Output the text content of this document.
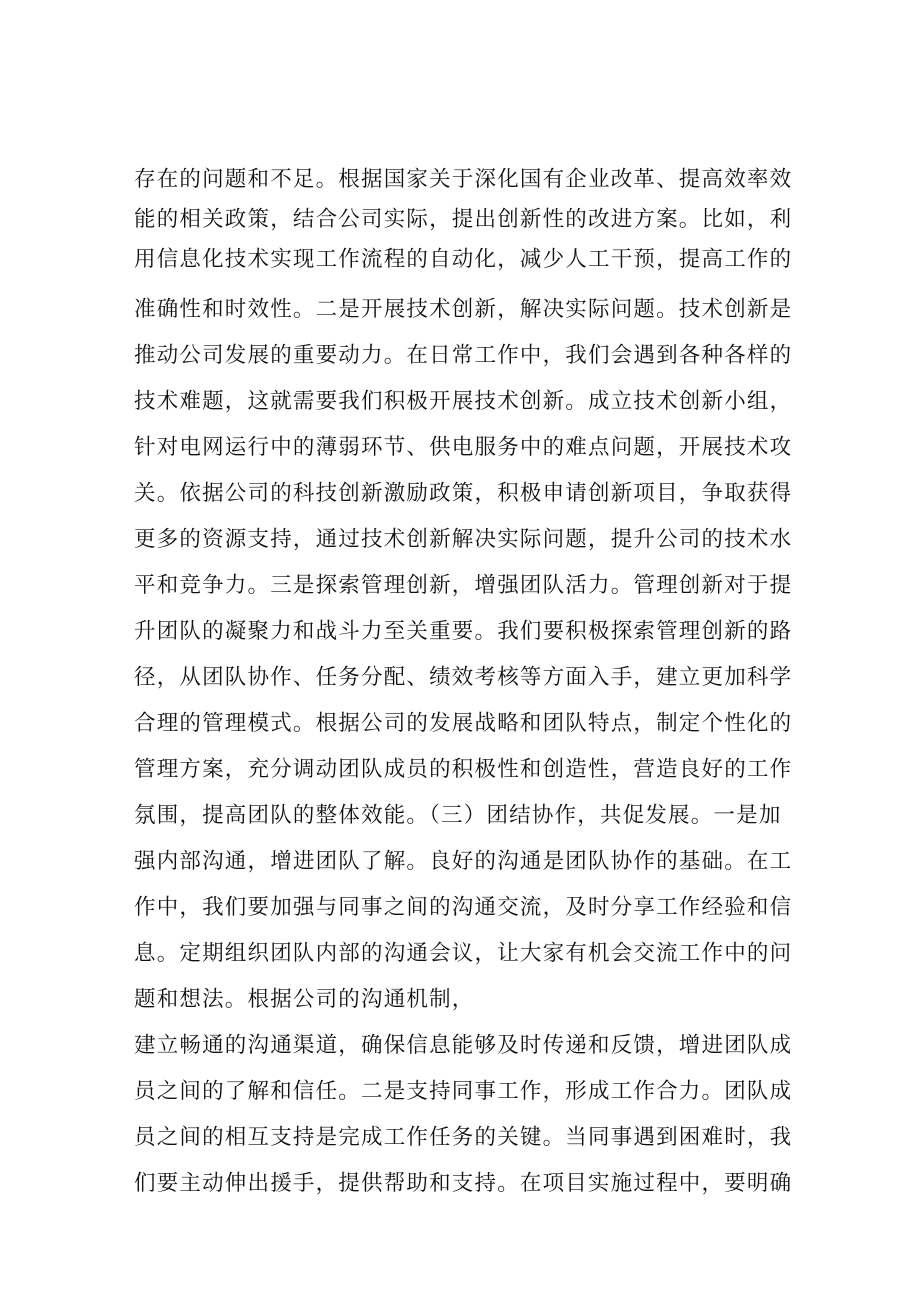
存在的问题和不足。根据国家关于深化国有企业改革、提高效率效
能的相关政策，结合公司实际，提出创新性的改进方案。比如，利
用信息化技术实现工作流程的自动化，减少人工干预，提高工作的
准确性和时效性。二是开展技术创新，解决实际问题。技术创新是
推动公司发展的重要动力。在日常工作中，我们会遇到各种各样的
技术难题，这就需要我们积极开展技术创新。成立技术创新小组，
针对电网运行中的薄弱环节、供电服务中的难点问题，开展技术攻
关。依据公司的科技创新激励政策，积极申请创新项目，争取获得
更多的资源支持，通过技术创新解决实际问题，提升公司的技术水
平和竞争力。三是探索管理创新，增强团队活力。管理创新对于提
升团队的凝聚力和战斗力至关重要。我们要积极探索管理创新的路
径，从团队协作、任务分配、绩效考核等方面入手，建立更加科学
合理的管理模式。根据公司的发展战略和团队特点，制定个性化的
管理方案，充分调动团队成员的积极性和创造性，营造良好的工作
氛围，提高团队的整体效能。（三）团结协作，共促发展。一是加
强内部沟通，增进团队了解。良好的沟通是团队协作的基础。在工
作中，我们要加强与同事之间的沟通交流，及时分享工作经验和信
息。定期组织团队内部的沟通会议，让大家有机会交流工作中的问
题和想法。根据公司的沟通机制，
建立畅通的沟通渠道，确保信息能够及时传递和反馈，增进团队成
员之间的了解和信任。二是支持同事工作，形成工作合力。团队成
员之间的相互支持是完成工作任务的关键。当同事遇到困难时，我
们要主动伸出援手，提供帮助和支持。在项目实施过程中，要明确
